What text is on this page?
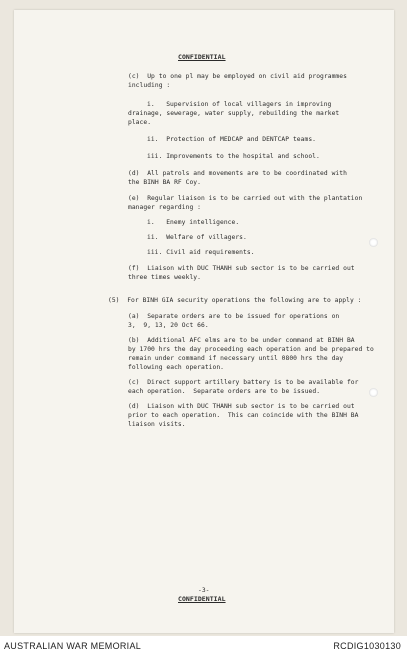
CONFIDENTIAL

(c)  Up to one pl may be employed on civil aid programmes

including :

i.   Supervision of local villagers in improving

drainage, sewerage, water supply, rebuilding the market

place.

ii.  Protection of MEDCAP and DENTCAP teams.

iii. Improvements to the hospital and school.

(d)  All patrols and movements are to be coordinated with

the BINH BA RF Coy.

(e)  Regular liaison is to be carried out with the plantation

manager regarding :

i.   Enemy intelligence.

ii.  Welfare of villagers.

iii. Civil aid requirements.

(f)  Liaison with DUC THANH sub sector is to be carried out

three times weekly.

(5)  For BINH GIA security operations the following are to apply :

(a)  Separate orders are to be issued for operations on

3,  9, 13, 20 Oct 66.

(b)  Additional AFC elms are to be under command at BINH BA

by 1700 hrs the day proceeding each operation and be prepared to

remain under command if necessary until 0800 hrs the day

following each operation.

(c)  Direct support artillery battery is to be available for

each operation.  Separate orders are to be issued.

(d)  Liaison with DUC THANH sub sector is to be carried out

prior to each operation.  This can coincide with the BINH BA

liaison visits.

-3-

CONFIDENTIAL

AUSTRALIAN WAR MEMORIAL	RCDIG1030130
